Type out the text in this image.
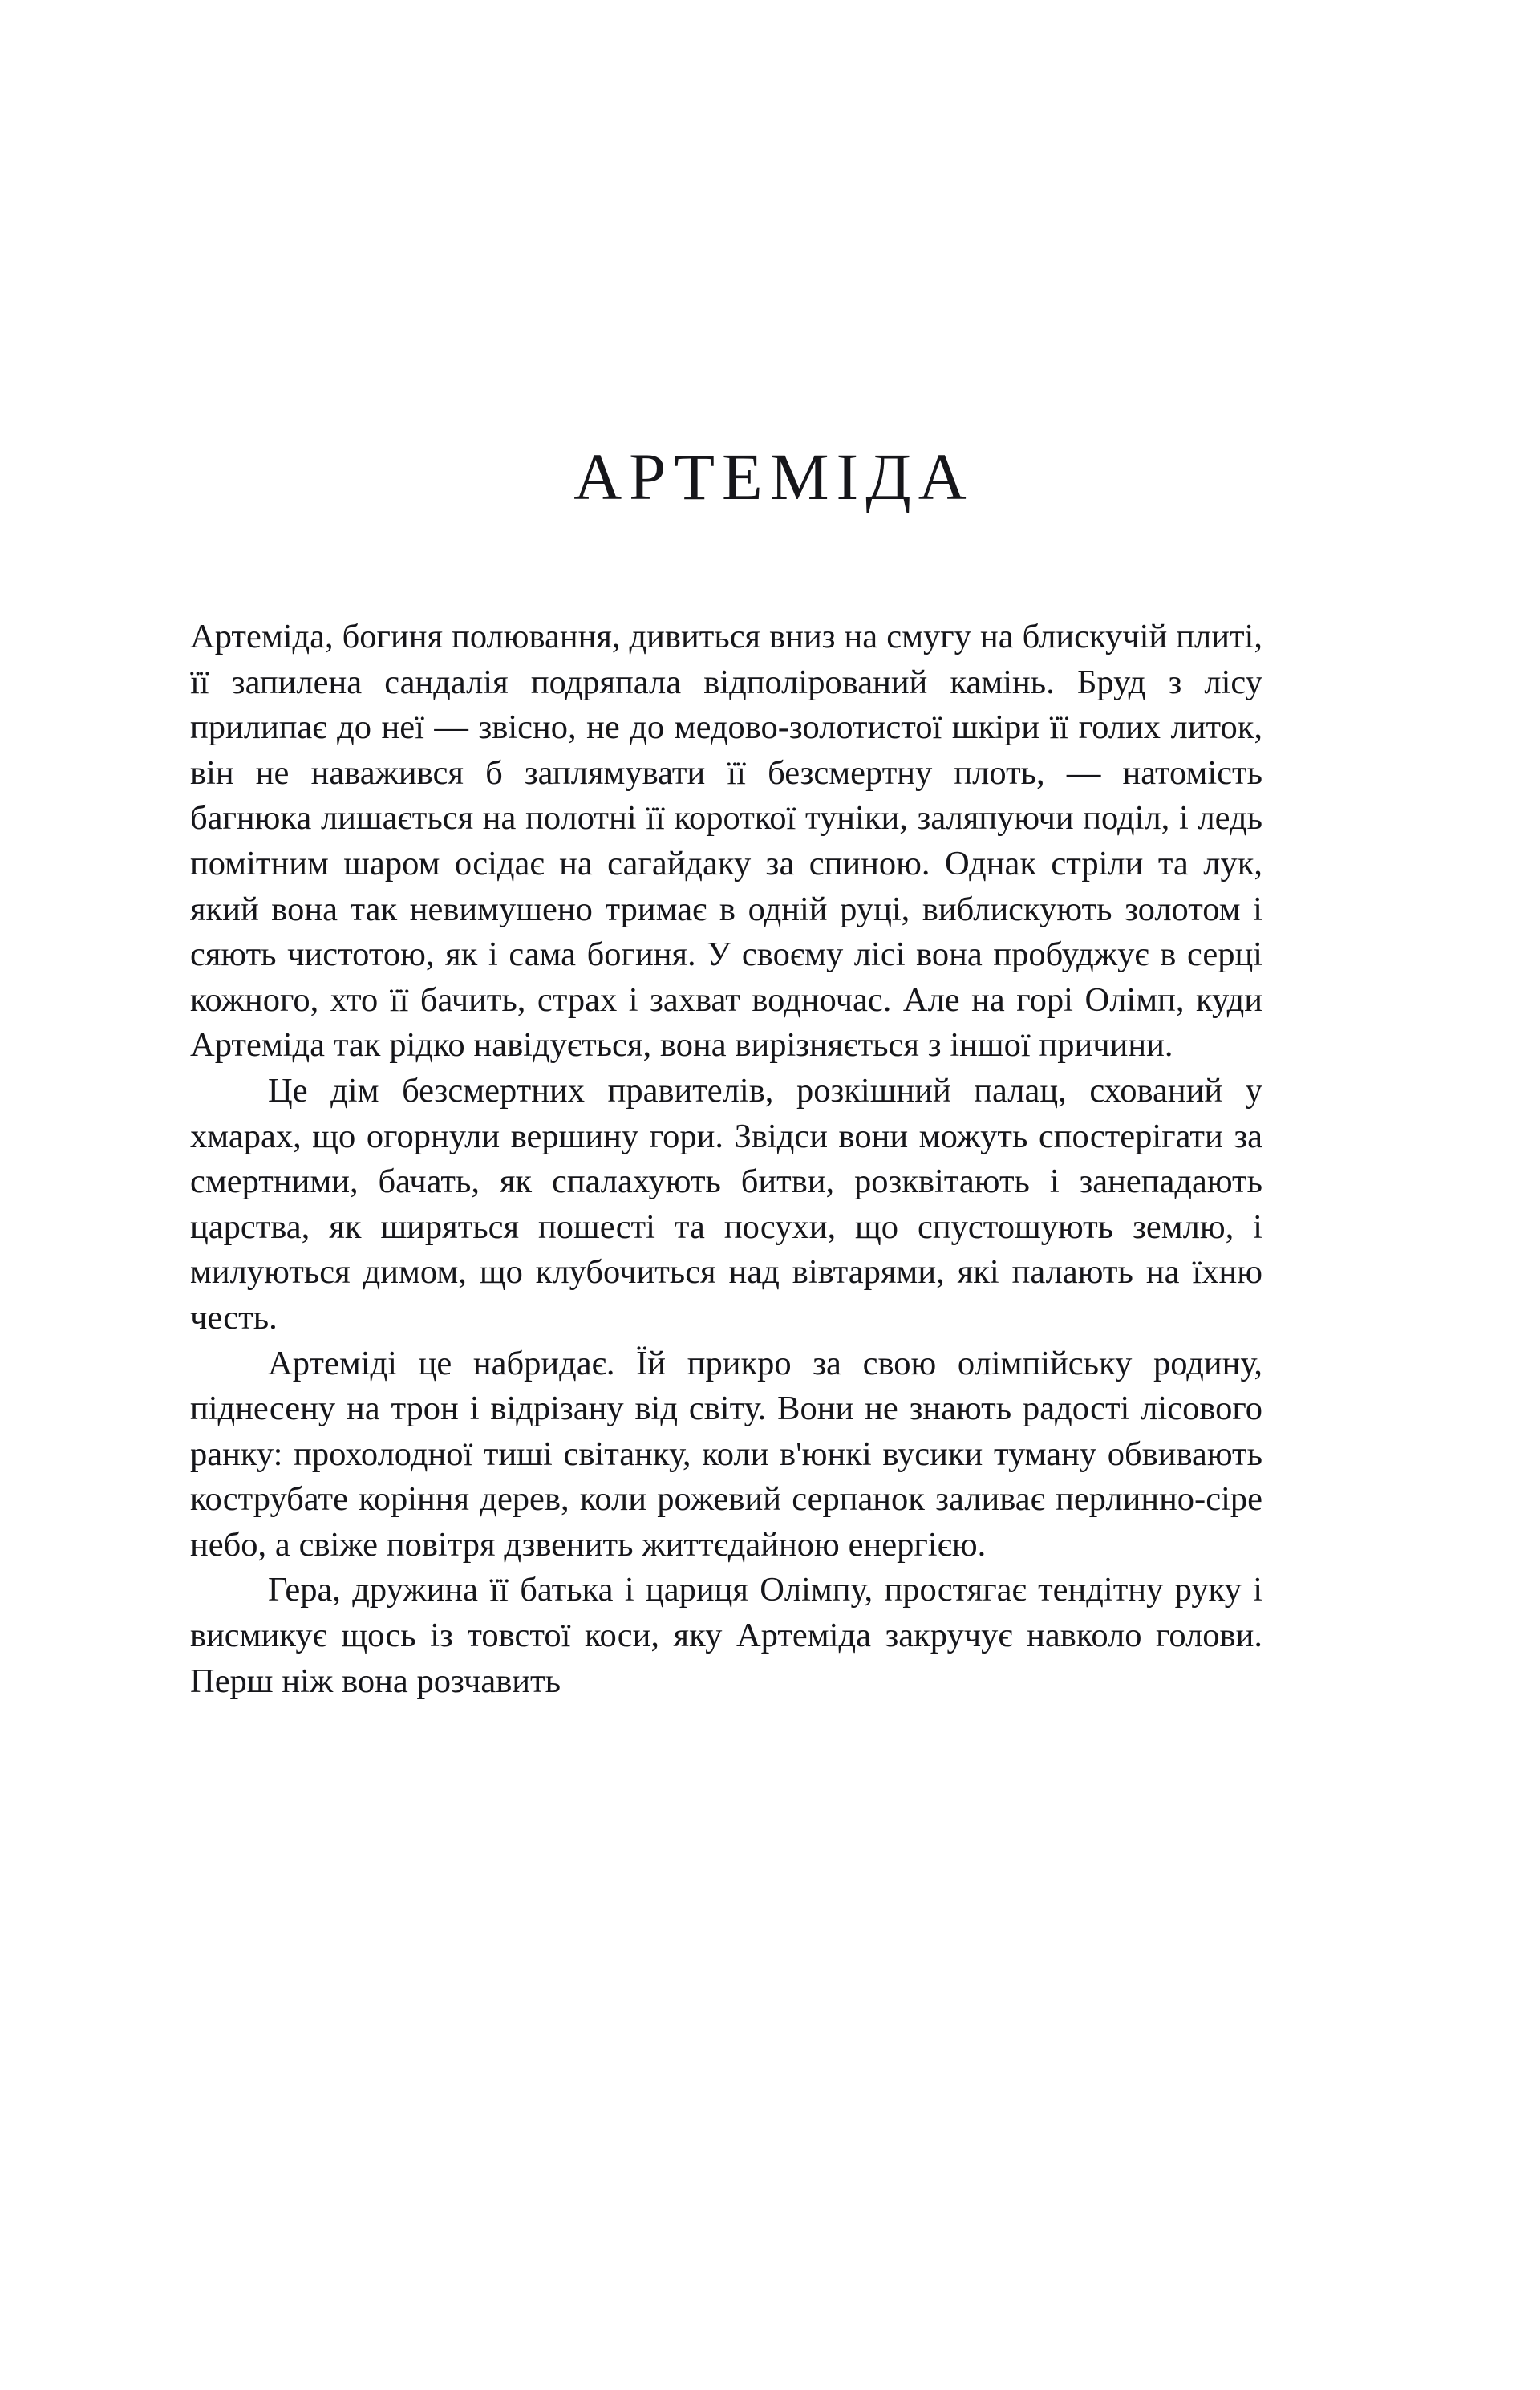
АРТЕМІДА

Артеміда, богиня полювання, дивиться вниз на смугу на блискучій плиті, її запилена сандалія подряпала відполірований камінь. Бруд з лісу прилипає до неї — звісно, не до медово-золотистої шкіри її голих литок, він не наважився б заплямувати її безсмертну плоть, — натомість багнюка лишається на полотні її короткої туніки, заляпуючи поділ, і ледь помітним шаром осідає на сагайдаку за спиною. Однак стріли та лук, який вона так невимушено тримає в одній руці, виблискують золотом і сяють чистотою, як і сама богиня. У своєму лісі вона пробуджує в серці кожного, хто її бачить, страх і захват водночас. Але на горі Олімп, куди Артеміда так рідко навідується, вона вирізняється з іншої причини.

Це дім безсмертних правителів, розкішний палац, схований у хмарах, що огорнули вершину гори. Звідси вони можуть спостерігати за смертними, бачать, як спалахують битви, розквітають і занепадають царства, як ширяться пошесті та посухи, що спустошують землю, і милуються димом, що клубочиться над вівтарями, які палають на їхню честь.

Артеміді це набридає. Їй прикро за свою олімпійську родину, піднесену на трон і відрізану від світу. Вони не знають радості лісового ранку: прохолодної тиші світанку, коли в'юнкі вусики туману обвивають кострубате коріння дерев, коли рожевий серпанок заливає перлинно-сіре небо, а свіже повітря дзвенить життєдайною енергією.

Гера, дружина її батька і цариця Олімпу, простягає тендітну руку і висмикує щось із товстої коси, яку Артеміда закручує навколо голови. Перш ніж вона розчавить
